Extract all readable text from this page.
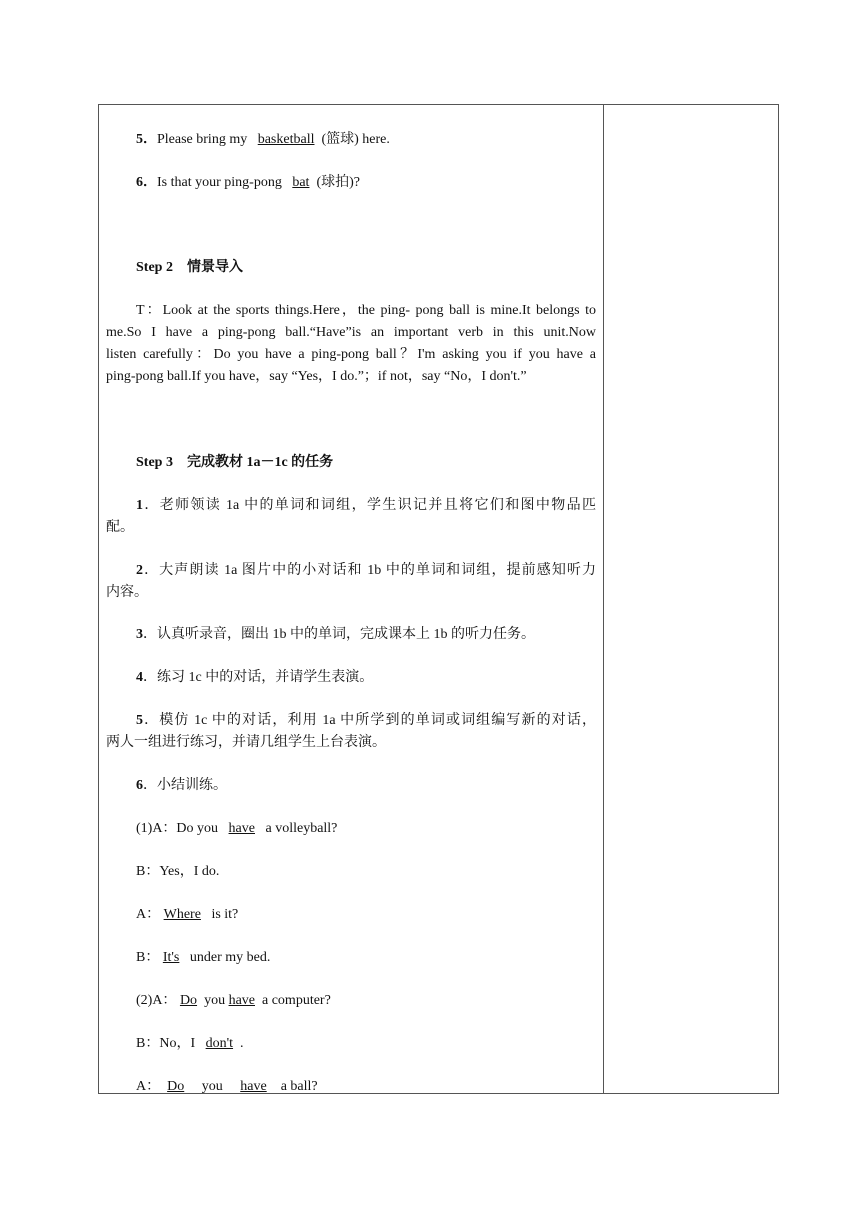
5．Please bring my   basketball  (篮球) here.
6．Is that your ping-pong   bat  (球拍)?
Step 2　情景导入
T：Look at the sports things.Here，the ping- pong ball is mine.It belongs to
me.So I have a ping-pong ball.“Have”is an important verb in this unit.Now
listen carefully：Do you have a ping-pong ball？I'm asking you if you have a
ping-pong ball.If you have，say “Yes，I do.”；if not，say “No，I don't.”
Step 3　完成教材 1a－1c 的任务
1．老师领读 1a 中的单词和词组，学生识记并且将它们和图中物品匹
配。
2．大声朗读 1a 图片中的小对话和 1b 中的单词和词组，提前感知听力
内容。
3．认真听录音，圈出 1b 中的单词，完成课本上 1b 的听力任务。
4．练习 1c 中的对话，并请学生表演。
5．模仿 1c 中的对话，利用 1a 中所学到的单词或词组编写新的对话，
两人一组进行练习，并请几组学生上台表演。
6．小结训练。
(1)A：Do you   have   a volleyball?
B：Yes，I do.
A： Where   is it?
B： It's   under my bed.
(2)A： Do  you have  a computer?
B：No，I   don't  .
A： Do     you     have    a ball?
